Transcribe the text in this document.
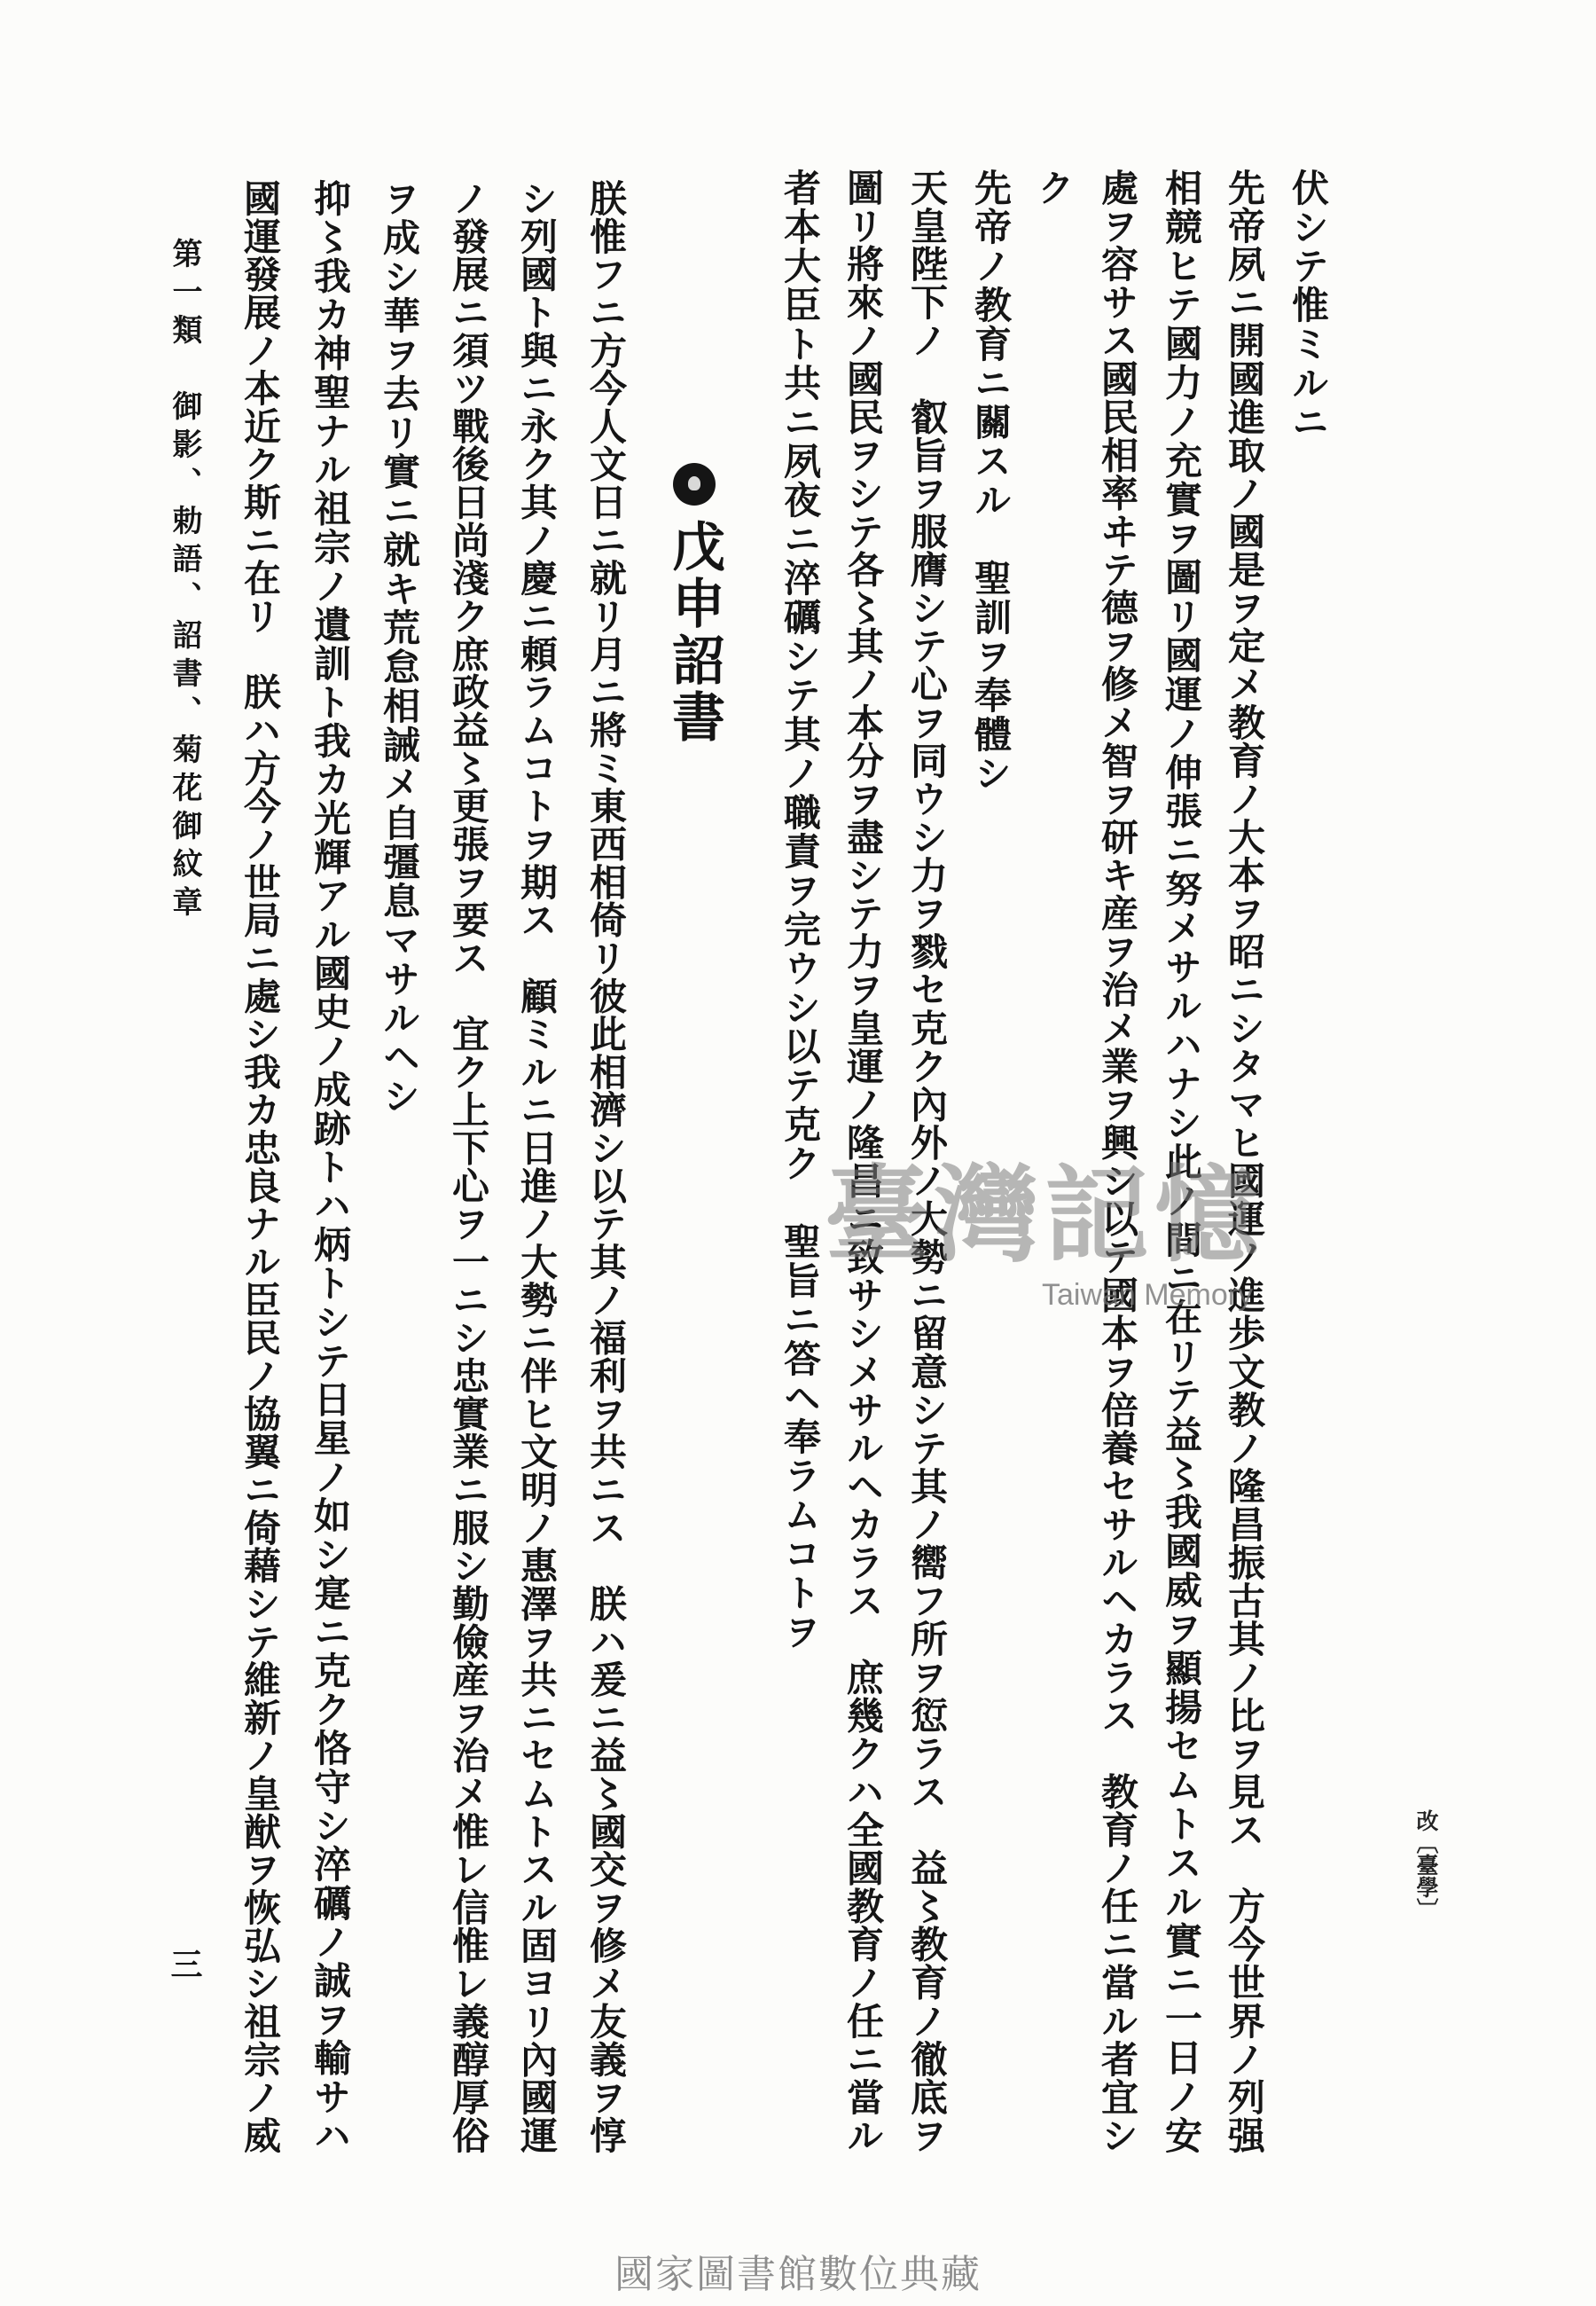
改〔臺學〕
伏シテ惟ミルニ
先帝夙ニ開國進取ノ國是ヲ定メ教育ノ大本ヲ昭ニシタマヒ國運ノ進歩文教ノ隆昌振古其ノ比ヲ見ス　方今世界ノ列强
相競ヒテ國力ノ充實ヲ圖リ國運ノ伸張ニ努メサルハナシ此ノ間ニ在リテ益〻我國威ヲ顯揚セムトスル實ニ一日ノ安
處ヲ容サス國民相率ヰテ德ヲ修メ智ヲ研キ産ヲ治メ業ヲ興シ以テ國本ヲ倍養セサルヘカラス　教育ノ任ニ當ル者宜シ
ク
先帝ノ教育ニ關スル　聖訓ヲ奉體シ
天皇陛下ノ　叡旨ヲ服膺シテ心ヲ同ウシ力ヲ戮セ克ク內外ノ大勢ニ留意シテ其ノ嚮フ所ヲ愆ラス　益〻教育ノ徹底ヲ
圖リ將來ノ國民ヲシテ各〻其ノ本分ヲ盡シテ力ヲ皇運ノ隆昌ニ致サシメサルヘカラス　庶幾クハ全國教育ノ任ニ當ル
者本大臣ト共ニ夙夜ニ淬礪シテ其ノ職責ヲ完ウシ以テ克ク　聖旨ニ答ヘ奉ラムコトヲ
戊申詔書
朕惟フニ方今人文日ニ就リ月ニ將ミ東西相倚リ彼此相濟シ以テ其ノ福利ヲ共ニス　朕ハ爰ニ益〻國交ヲ修メ友義ヲ惇
シ列國ト與ニ永ク其ノ慶ニ頼ラムコトヲ期ス　顧ミルニ日進ノ大勢ニ伴ヒ文明ノ惠澤ヲ共ニセムトスル固ヨリ內國運
ノ發展ニ須ツ戰後日尚淺ク庶政益〻更張ヲ要ス　宜ク上下心ヲ一ニシ忠實業ニ服シ勤儉産ヲ治メ惟レ信惟レ義醇厚俗
ヲ成シ華ヲ去リ實ニ就キ荒怠相誡メ自彊息マサルヘシ
抑〻我カ神聖ナル祖宗ノ遺訓ト我カ光輝アル國史ノ成跡トハ炳トシテ日星ノ如シ寔ニ克ク恪守シ淬礪ノ誠ヲ輸サハ
國運發展ノ本近ク斯ニ在リ　朕ハ方今ノ世局ニ處シ我カ忠良ナル臣民ノ協翼ニ倚藉シテ維新ノ皇猷ヲ恢弘シ祖宗ノ威
第一類　御影、勅語、詔書、菊花御紋章
三
臺灣記憶
Taiwan Memory
國家圖書館數位典藏
